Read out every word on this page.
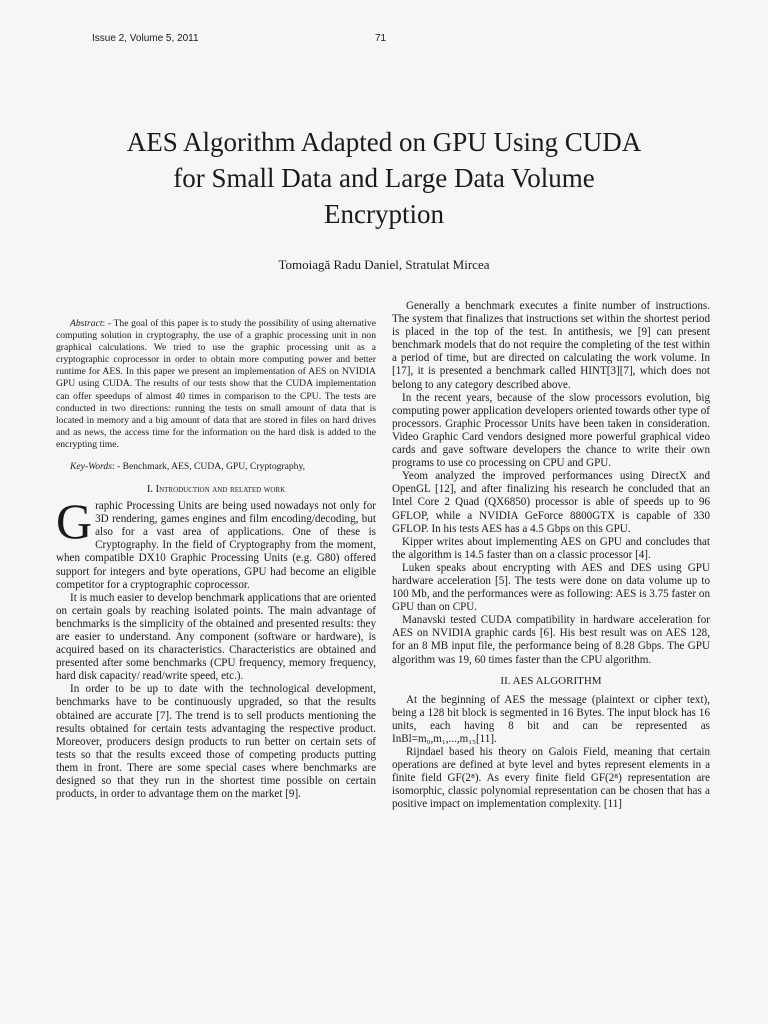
Issue 2, Volume 5, 2011	71
AES Algorithm Adapted on GPU Using CUDA
for Small Data and Large Data Volume
Encryption
Tomoiagă Radu Daniel, Stratulat Mircea

Abstract: - The goal of this paper is to study the possibility of using alternative computing solution in cryptography, the use of a graphic processing unit in non graphical calculations. We tried to use the graphic processing unit as a cryptographic coprocessor in order to obtain more computing power and better runtime for AES. In this paper we present an implementation of AES on NVIDIA GPU using CUDA. The results of our tests show that the CUDA implementation can offer speedups of almost 40 times in comparison to the CPU. The tests are conducted in two directions: running the tests on small amount of data that is located in memory and a big amount of data that are stored in files on hard drives and as news, the access time for the information on the hard disk is added to the encrypting time.

Key-Words: - Benchmark, AES, CUDA, GPU, Cryptography,

I. Introduction and related work

Graphic Processing Units are being used nowadays not only for 3D rendering, games engines and film encoding/decoding, but also for a vast area of applications. One of these is Cryptography. In the field of Cryptography from the moment, when compatible DX10 Graphic Processing Units (e.g. G80) offered support for integers and byte operations, GPU had become an eligible competitor for a cryptographic coprocessor.

It is much easier to develop benchmark applications that are oriented on certain goals by reaching isolated points. The main advantage of benchmarks is the simplicity of the obtained and presented results: they are easier to understand. Any component (software or hardware), is acquired based on its characteristics. Characteristics are obtained and presented after some benchmarks (CPU frequency, memory frequency, hard disk capacity/ read/write speed, etc.).

In order to be up to date with the technological development, benchmarks have to be continuously upgraded, so that the results obtained are accurate [7]. The trend is to sell products mentioning the results obtained for certain tests advantaging the respective product. Moreover, producers design products to run better on certain sets of tests so that the results exceed those of competing products putting them in front. There are some special cases where benchmarks are designed so that they run in the shortest time possible on certain products, in order to advantage them on the market [9].

Generally a benchmark executes a finite number of instructions. The system that finalizes that instructions set within the shortest period is placed in the top of the test. In antithesis, we [9] can present benchmark models that do not require the completing of the test within a period of time, but are directed on calculating the work volume. In [17], it is presented a benchmark called HINT[3][7], which does not belong to any category described above.

In the recent years, because of the slow processors evolution, big computing power application developers oriented towards other type of processors. Graphic Processor Units have been taken in consideration. Video Graphic Card vendors designed more powerful graphical video cards and gave software developers the chance to write their own programs to use co processing on CPU and GPU.

Yeom analyzed the improved performances using DirectX and OpenGL [12], and after finalizing his research he concluded that an Intel Core 2 Quad (QX6850) processor is able of speeds up to 96 GFLOP, while a NVIDIA GeForce 8800GTX is capable of 330 GFLOP. In his tests AES has a 4.5 Gbps on this GPU.

Kipper writes about implementing AES on GPU and concludes that the algorithm is 14.5 faster than on a classic processor [4].

Luken speaks about encrypting with AES and DES using GPU hardware acceleration [5]. The tests were done on data volume up to 100 Mb, and the performances were as following: AES is 3.75 faster on GPU than on CPU.

Manavski tested CUDA compatibility in hardware acceleration for AES on NVIDIA graphic cards [6]. His best result was on AES 128, for an 8 MB input file, the performance being of 8.28 Gbps. The GPU algorithm was 19, 60 times faster than the CPU algorithm.

II. AES ALGORITHM

At the beginning of AES the message (plaintext or cipher text), being a 128 bit block is segmented in 16 Bytes. The input block has 16 units, each having 8 bit and can be represented as InBl=m₀,m₁,...,m₁₅[11].

Rijndael based his theory on Galois Field, meaning that certain operations are defined at byte level and bytes represent elements in a finite field GF(2⁸). As every finite field GF(2⁸) representation are isomorphic, classic polynomial representation can be chosen that has a positive impact on implementation complexity. [11]
